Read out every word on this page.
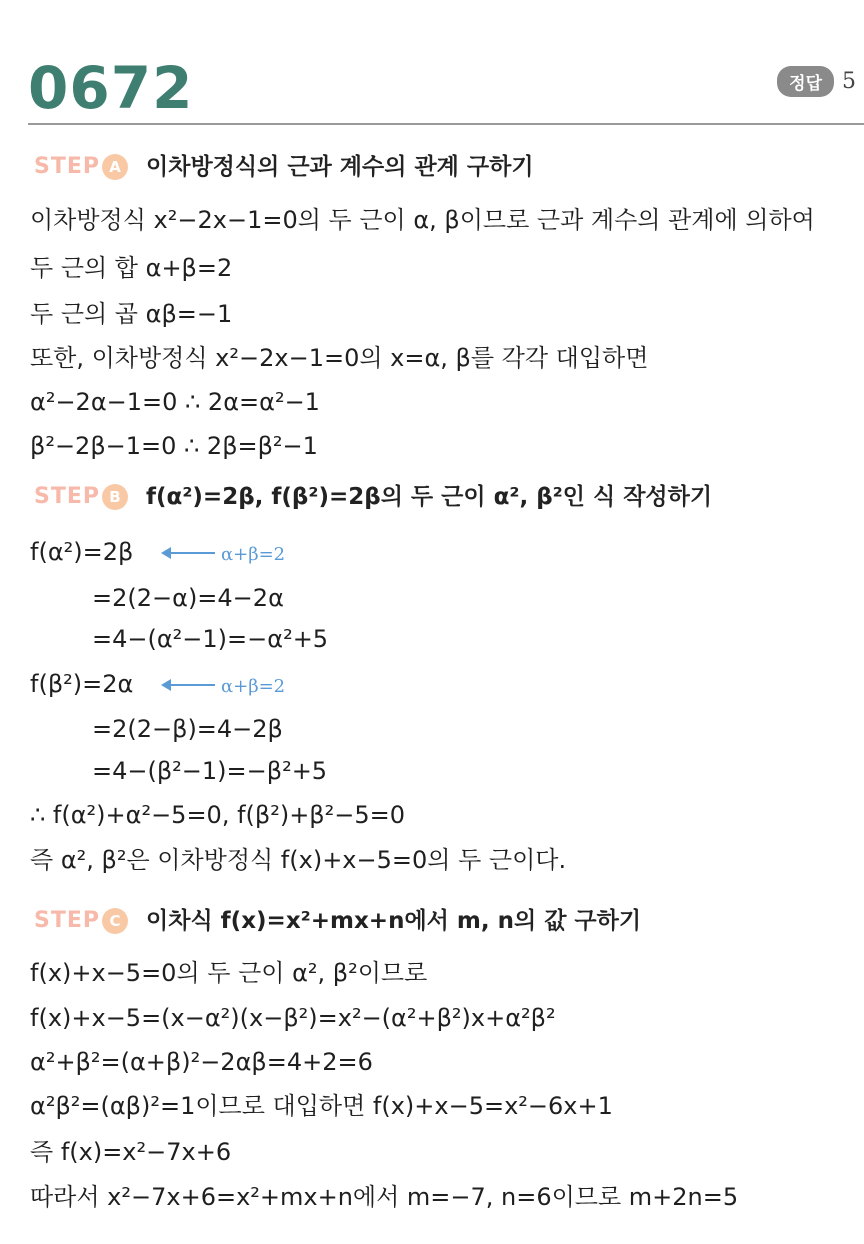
0672	정답 5
STEP A	이차방정식의 근과 계수의 관계 구하기
이차방정식 x²−2x−1=0의 두 근이 α, β이므로 근과 계수의 관계에 의하여
두 근의 합 α+β=2
두 근의 곱 αβ=−1
또한, 이차방정식 x²−2x−1=0의 x=α, β를 각각 대입하면
α²−2α−1=0 ∴ 2α=α²−1
β²−2β−1=0 ∴ 2β=β²−1
STEP B	f(α²)=2β, f(β²)=2β의 두 근이 α², β²인 식 작성하기
f(α²)=2β	α+β=2
=2(2−α)=4−2α
=4−(α²−1)=−α²+5
f(β²)=2α	α+β=2
=2(2−β)=4−2β
=4−(β²−1)=−β²+5
∴ f(α²)+α²−5=0, f(β²)+β²−5=0
즉 α², β²은 이차방정식 f(x)+x−5=0의 두 근이다.
STEP C	이차식 f(x)=x²+mx+n에서 m, n의 값 구하기
f(x)+x−5=0의 두 근이 α², β²이므로
f(x)+x−5=(x−α²)(x−β²)=x²−(α²+β²)x+α²β²
α²+β²=(α+β)²−2αβ=4+2=6
α²β²=(αβ)²=1이므로 대입하면 f(x)+x−5=x²−6x+1
즉 f(x)=x²−7x+6
따라서 x²−7x+6=x²+mx+n에서 m=−7, n=6이므로 m+2n=5
